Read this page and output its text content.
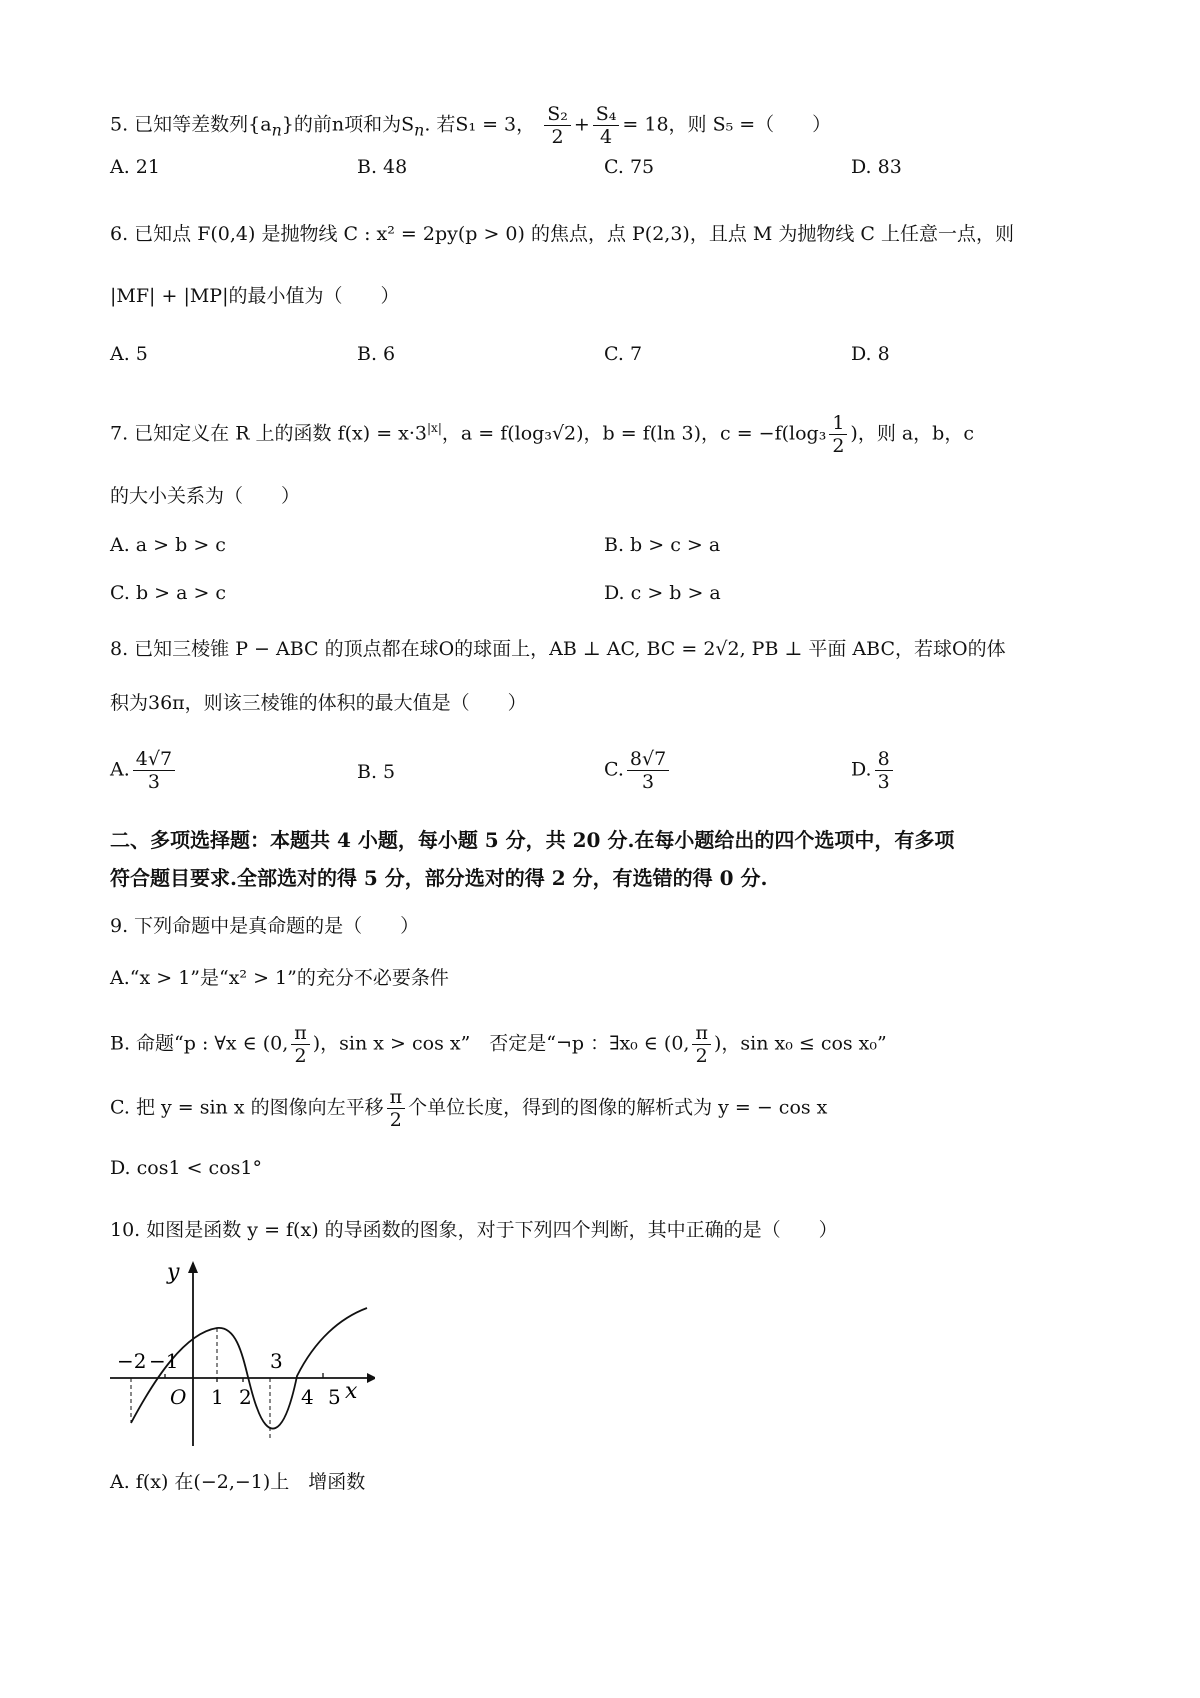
5. 已知等差数列$\{a_n\}$的前n项和为$S_n$. 若S₁ = 3， $\frac{\text{S₂}}{2} + \frac{\text{S₄}}{4} = 18$，则 S₅ =（　　）
A. 21	B. 48	C. 75	D. 83
6. 已知点 F(0,4) 是抛物线 C : x² = 2py(p > 0) 的焦点，点 P(2,3)，且点 M 为抛物线 C 上任意一点，则
|MF| + |MP|的最小值为（　　）
A. 5	B. 6	C. 7	D. 8
7. 已知定义在 R 上的函数 $f(x) = x\cdot 3^{|x|}$，a = f(log₃√2)，b = f(ln 3)，$c = -f(\log_3 \frac{1}{2}$ )，则 a，b，c
的大小关系为（　　）
A. a > b > c	B. b > c > a
C. b > a > c	D. c > b > a
8. 已知三棱锥 P − ABC 的顶点都在球O的球面上，AB ⊥ AC, BC = 2√2, PB ⊥ 平面 ABC，若球O的体
积为36π，则该三棱锥的体积的最大值是（　　）
A. $\frac{4√7}{3}$	B. 5	C. $\frac{8√7}{3}$	D. $\frac{8}{3}$
二、多项选择题：本题共 4 小题，每小题 5 分，共 20 分.在每小题给出的四个选项中，有多项
符合题目要求.全部选对的得 5 分，部分选对的得 2 分，有选错的得 0 分.
9. 下列命题中是真命题的是（　　）
A.“x > 1”是“x² > 1”的充分不必要条件
B. 命题“p : ∀x ∈ (0, $\frac{\pi}{2}$ )，sin x > cos x”　否定是“¬p ：∃x₀ ∈ (0, $\frac{\pi}{2}$ )，sin x₀ ≤ cos x₀”
C. 把 y = sin x 的图像向左平移 $\frac{\pi}{2}$ 个单位长度，得到的图像的解析式为 y = − cos x
D. cos1 < cos1°
10. 如图是函数 y = f(x) 的导函数的图象，对于下列四个判断，其中正确的是（　　）
y
x
O
−2 −1	3
1 2 4 5
A. f(x) 在(−2,−1)上　增函数
